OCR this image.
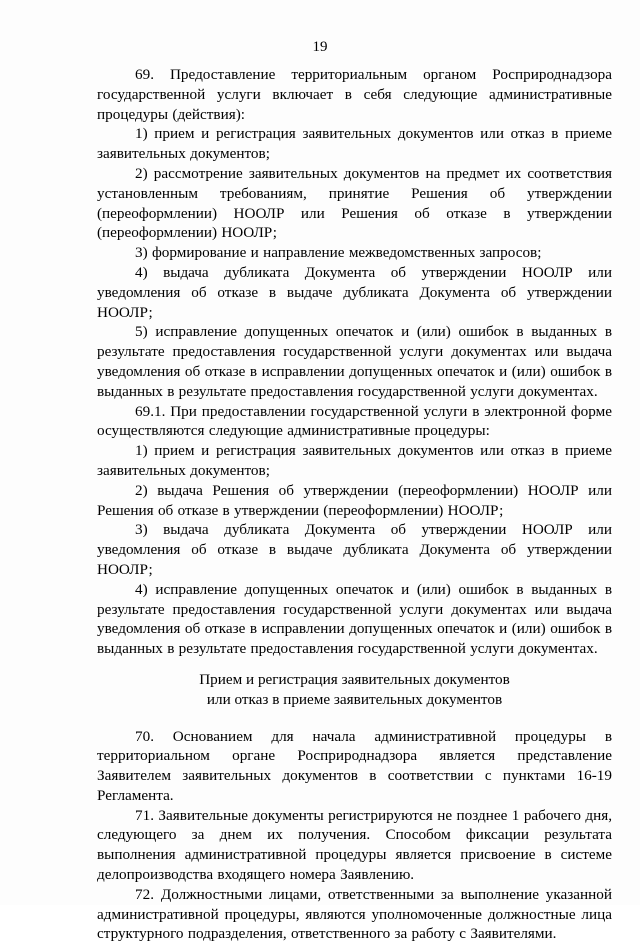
19

69. Предоставление территориальным органом Росприроднадзора государственной услуги включает в себя следующие административные процедуры (действия):

1) прием и регистрация заявительных документов или отказ в приеме заявительных документов;

2) рассмотрение заявительных документов на предмет их соответствия установленным требованиям, принятие Решения об утверждении (переоформлении) НООЛР или Решения об отказе в утверждении (переоформлении) НООЛР;

3) формирование и направление межведомственных запросов;

4) выдача дубликата Документа об утверждении НООЛР или уведомления об отказе в выдаче дубликата Документа об утверждении НООЛР;

5) исправление допущенных опечаток и (или) ошибок в выданных в результате предоставления государственной услуги документах или выдача уведомления об отказе в исправлении допущенных опечаток и (или) ошибок в выданных в результате предоставления государственной услуги документах.

69.1. При предоставлении государственной услуги в электронной форме осуществляются следующие административные процедуры:

1) прием и регистрация заявительных документов или отказ в приеме заявительных документов;

2) выдача Решения об утверждении (переоформлении) НООЛР или Решения об отказе в утверждении (переоформлении) НООЛР;

3) выдача дубликата Документа об утверждении НООЛР или уведомления об отказе в выдаче дубликата Документа об утверждении НООЛР;

4) исправление допущенных опечаток и (или) ошибок в выданных в результате предоставления государственной услуги документах или выдача уведомления об отказе в исправлении допущенных опечаток и (или) ошибок в выданных в результате предоставления государственной услуги документах.

Прием и регистрация заявительных документов
или отказ в приеме заявительных документов

70. Основанием для начала административной процедуры в территориальном органе Росприроднадзора является представление Заявителем заявительных документов в соответствии с пунктами 16-19 Регламента.

71. Заявительные документы регистрируются не позднее 1 рабочего дня, следующего за днем их получения. Способом фиксации результата выполнения административной процедуры является присвоение в системе делопроизводства входящего номера Заявлению.

72. Должностными лицами, ответственными за выполнение указанной административной процедуры, являются уполномоченные должностные лица структурного подразделения, ответственного за работу с Заявителями.
